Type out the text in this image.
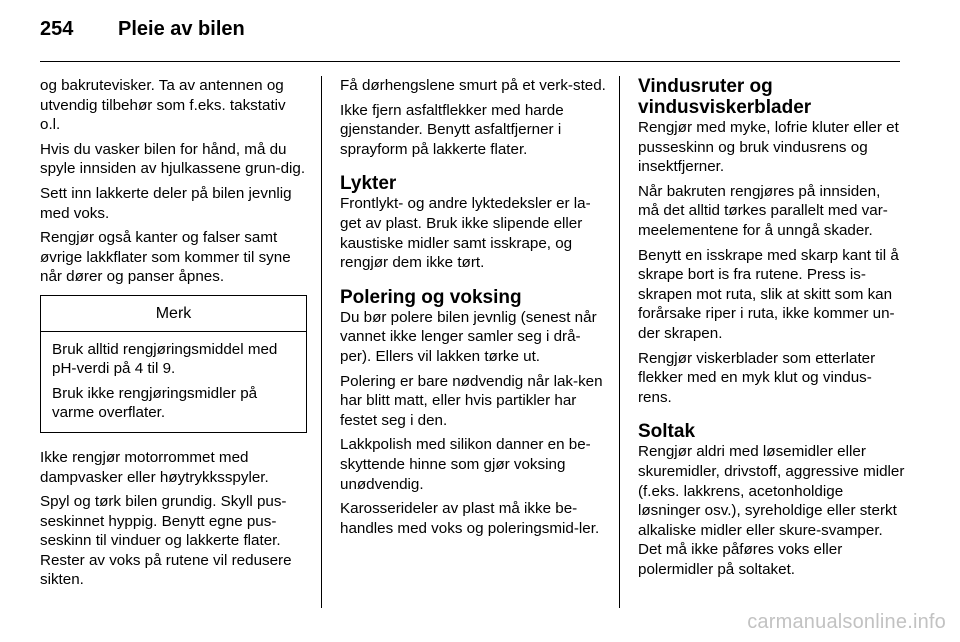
254 Pleie av bilen

og bakrutevisker. Ta av antennen og utvendig tilbehør som f.eks. takstativ o.l.

Hvis du vasker bilen for hånd, må du spyle innsiden av hjulkassene grun-dig.

Sett inn lakkerte deler på bilen jevnlig med voks.

Rengjør også kanter og falser samt øvrige lakkflater som kommer til syne når dører og panser åpnes.

Merk

Bruk alltid rengjøringsmiddel med pH-verdi på 4 til 9.

Bruk ikke rengjøringsmidler på varme overflater.

Ikke rengjør motorrommet med dampvasker eller høytrykksspyler.

Spyl og tørk bilen grundig. Skyll pus-seskinnet hyppig. Benytt egne pus-seskinn til vinduer og lakkerte flater. Rester av voks på rutene vil redusere sikten.

Få dørhengslene smurt på et verk-sted.

Ikke fjern asfaltflekker med harde gjenstander. Benytt asfaltfjerner i sprayform på lakkerte flater.

Lykter

Frontlykt- og andre lyktedeksler er la-get av plast. Bruk ikke slipende eller kaustiske midler samt isskrape, og rengjør dem ikke tørt.

Polering og voksing

Du bør polere bilen jevnlig (senest når vannet ikke lenger samler seg i drå-per). Ellers vil lakken tørke ut.

Polering er bare nødvendig når lak-ken har blitt matt, eller hvis partikler har festet seg i den.

Lakkpolish med silikon danner en be-skyttende hinne som gjør voksing unødvendig.

Karosserideler av plast må ikke be-handles med voks og poleringsmid-ler.

Vindusruter og
vindusviskerblader

Rengjør med myke, lofrie kluter eller et pusseskinn og bruk vindusrens og insektfjerner.

Når bakruten rengjøres på innsiden, må det alltid tørkes parallelt med var-meelementene for å unngå skader.

Benytt en isskrape med skarp kant til å skrape bort is fra rutene. Press is-skrapen mot ruta, slik at skitt som kan forårsake riper i ruta, ikke kommer un-der skrapen.

Rengjør viskerblader som etterlater flekker med en myk klut og vindus-rens.

Soltak

Rengjør aldri med løsemidler eller skuremidler, drivstoff, aggressive midler (f.eks. lakkrens, acetonholdige løsninger osv.), syreholdige eller sterkt alkaliske midler eller skure-svamper. Det må ikke påføres voks eller polermidler på soltaket.

carmanualsonline.info
